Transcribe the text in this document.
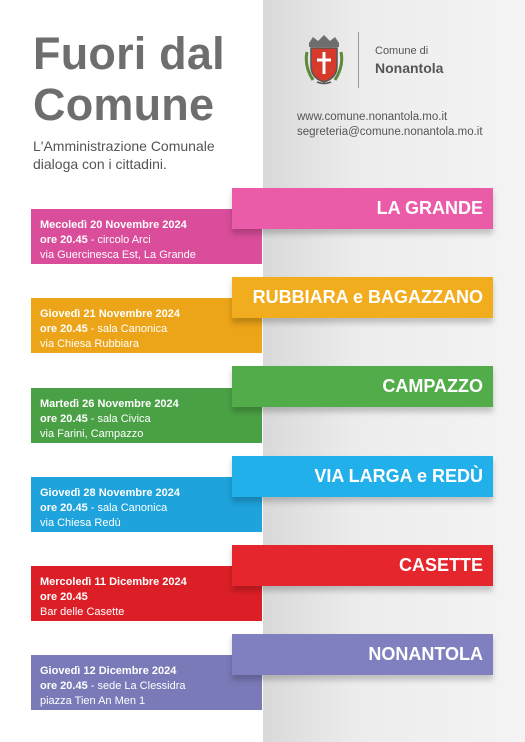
Fuori dal Comune
L'Amministrazione Comunale dialoga con i cittadini.
Comune di
Nonantola
www.comune.nonantola.mo.it
segreteria@comune.nonantola.mo.it
Mecoledì 20 Novembre 2024
ore 20.45 - circolo Arci
via Guercinesca Est, La Grande
LA GRANDE
Giovedì 21 Novembre 2024
ore 20.45 - sala Canonica
via Chiesa Rubbiara
RUBBIARA e BAGAZZANO
Martedì 26 Novembre 2024
ore 20.45 - sala Civica
via Farini, Campazzo
CAMPAZZO
Giovedì 28 Novembre 2024
ore 20.45 - sala Canonica
via Chiesa Redù
VIA LARGA e REDÙ
Mercoledì 11 Dicembre 2024
ore 20.45
Bar delle Casette
CASETTE
Giovedì 12 Dicembre 2024
ore 20.45 - sede La Clessidra
piazza Tien An Men 1
NONANTOLA
